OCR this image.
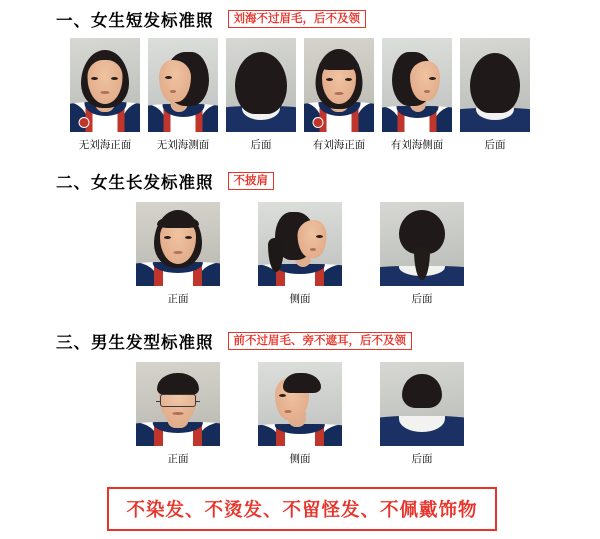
一、女生短发标准照	刘海不过眉毛，后不及领
无刘海正面 无刘海测面	后面	有刘海正面 有刘海侧面	后面
二、女生长发标准照	不披肩
正面	侧面	后面
三、男生发型标准照	前不过眉毛、旁不遮耳，后不及领
正面	侧面	后面
不染发、不烫发、不留怪发、不佩戴饰物
